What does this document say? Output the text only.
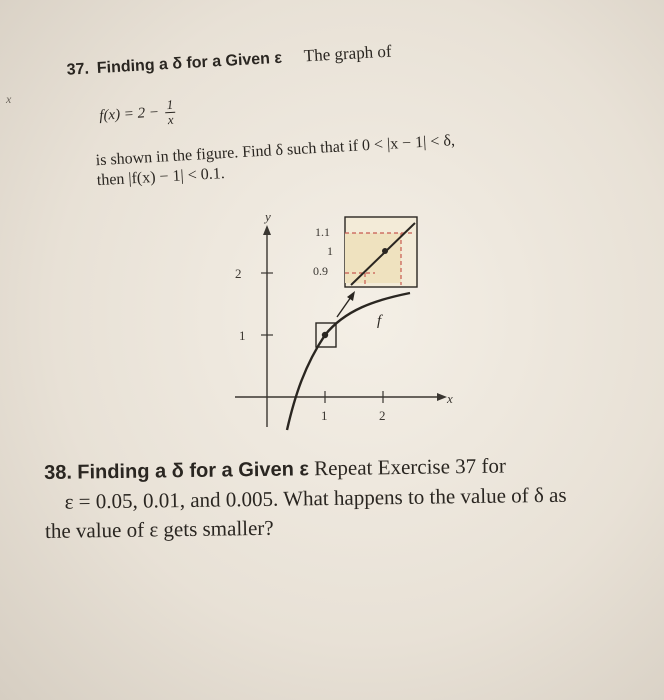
x
37. Finding a δ for a Given ε The graph of
$f(x) = 2 - \frac{1}{x}$
is shown in the figure. Find δ such that if 0 < |x − 1| < δ,
then |f(x) − 1| < 0.1.
1
2
1	2
y
x
1.1
1
0.9
f
38. Finding a δ for a Given ε Repeat Exercise 37 for
ε = 0.05, 0.01, and 0.005. What happens to the value of δ as
the value of ε gets smaller?
